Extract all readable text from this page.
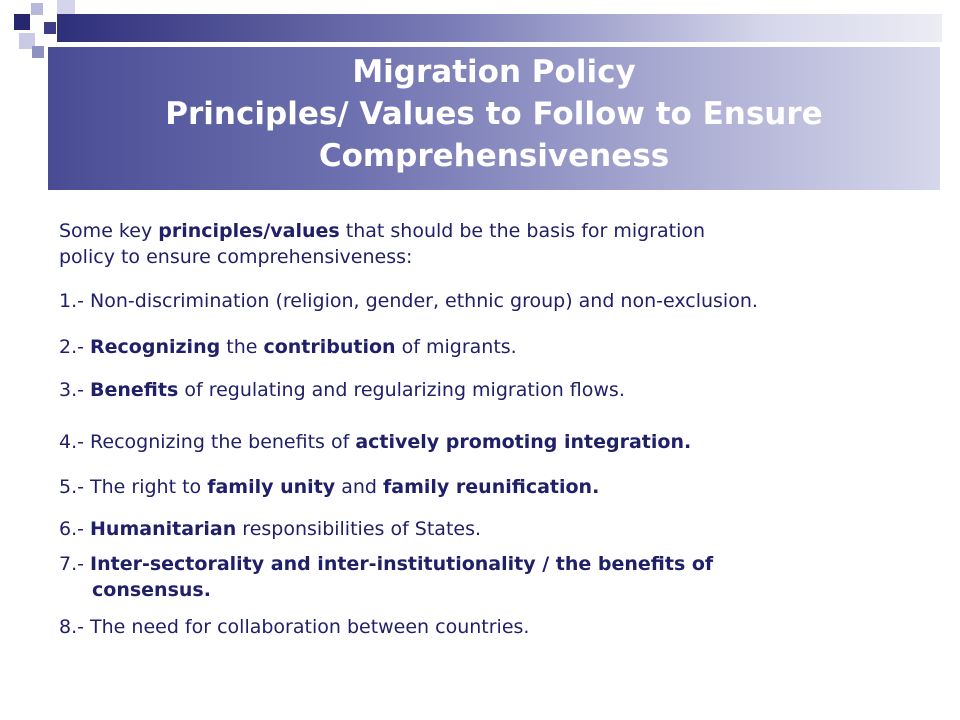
Migration Policy
Principles/ Values to Follow to Ensure
Comprehensiveness
Some key principles/values that should be the basis for migration
policy to ensure comprehensiveness:
1.- Non-discrimination (religion, gender, ethnic group) and non-exclusion.
2.- Recognizing the contribution of migrants.
3.- Benefits of regulating and regularizing migration flows.
4.- Recognizing the benefits of actively promoting integration.
5.- The right to family unity and family reunification.
6.- Humanitarian responsibilities of States.
7.- Inter-sectorality and inter-institutionality / the benefits of
consensus.
8.- The need for collaboration between countries.
